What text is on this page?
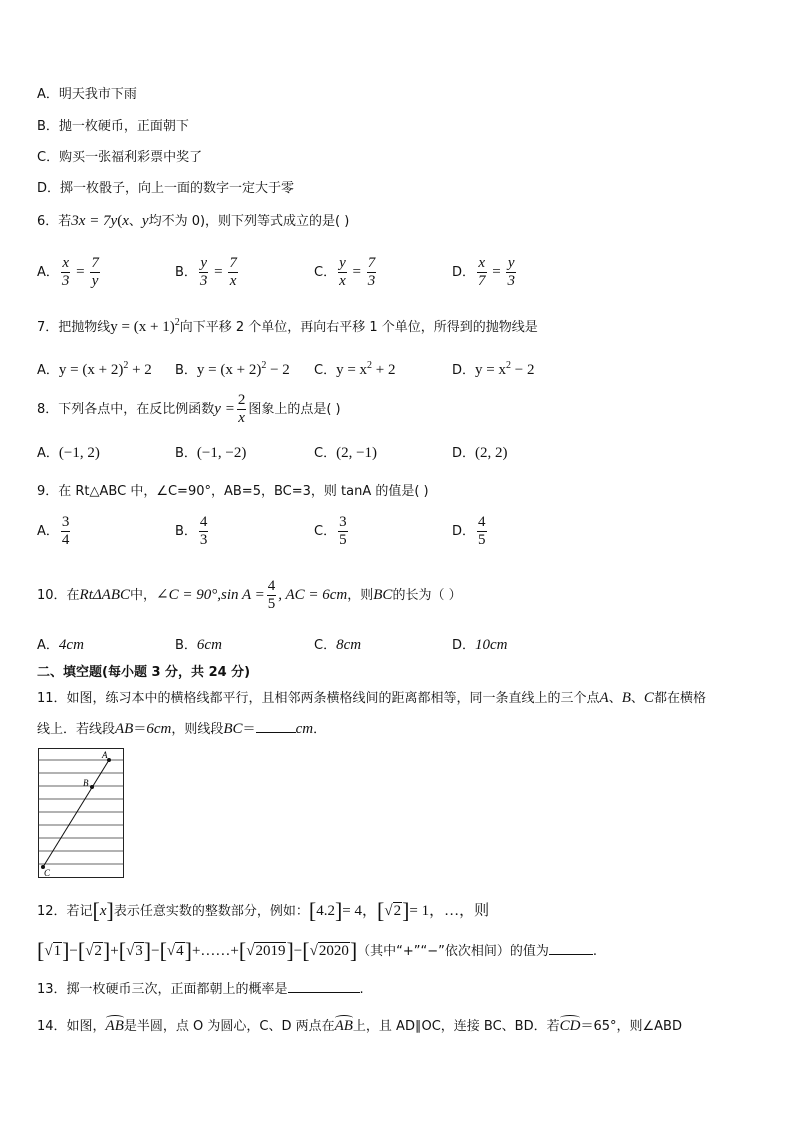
A．明天我市下雨
B．抛一枚硬币，正面朝下
C．购买一张福利彩票中奖了
D．掷一枚骰子，向上一面的数字一定大于零
6．若3x = 7y(x、y均不为 0)，则下列等式成立的是( )
A． $\frac{x}{3} = \frac{7}{y}$	B． $\frac{y}{3} = \frac{7}{x}$	C． $\frac{y}{x} = \frac{7}{3}$	D． $\frac{x}{7} = \frac{y}{3}$
7．把抛物线$y = (x + 1)^2$向下平移 2 个单位，再向右平移 1 个单位，所得到的抛物线是
A．$y = (x + 2)^2 + 2$ B．$y = (x + 2)^2 - 2$ C．$y = x^2 + 2$	D．$y = x^2 - 2$
8．下列各点中，在反比例函数$y = \frac{2}{x}$ 图象上的点是( )
A．(−1, 2)	B．(−1, −2)	C．(2, −1)	D．(2, 2)
9．在 Rt△ABC 中，∠C=90°，AB=5，BC=3，则 tanA 的值是( )
A． $\frac{3}{4}$	B． $\frac{4}{3}$	C． $\frac{3}{5}$	D． $\frac{4}{5}$
10．在RtΔABC中，∠C = 90°,sin $A = \frac{4}{5}$ , AC = 6cm，则BC的长为（ ）
A．4cm	B．6cm	C．8cm	D．10cm
二、填空题(每小题 3 分，共 24 分)
11．如图，练习本中的横格线都平行，且相邻两条横格线间的距离都相等，同一条直线上的三个点A、B、C都在横格
线上．若线段AB＝6cm，则线段BC＝	cm．
A
B
C
12．若记[x]表示任意实数的整数部分，例如：[4.2]= 4，[√2]= 1，…，则
[√1]−[√2]+[√3]−[√4]+……+[√2019]−[√2020]（其中“+”“−”依次相间）的值为	.
13．掷一枚硬币三次，正面都朝上的概率是	.
14．如图，AB是半圆，点 O 为圆心，C、D 两点在AB上，且 AD∥OC，连接 BC、BD．若CD＝65°，则∠ABD
